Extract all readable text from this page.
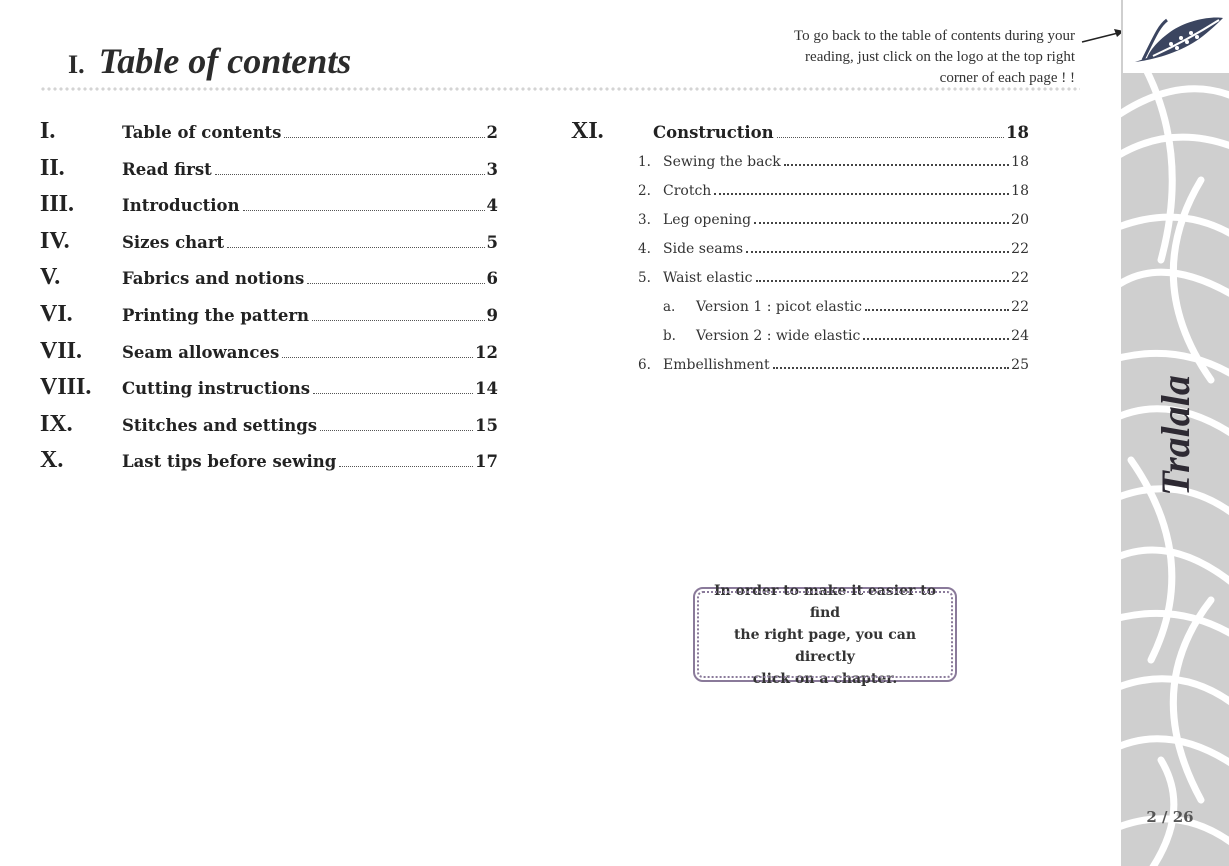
I. Table of contents
To go back to the table of contents during your
reading, just click on the logo at the top right
corner of each page ! !
I.	Table of contents	2
II.	Read first	3
III.	Introduction	4
IV.	Sizes chart	5
V.	Fabrics and notions	6
VI.	Printing the pattern	9
VII.	Seam allowances	12
VIII.	Cutting instructions	14
IX.	Stitches and settings	15
X.	Last tips before sewing	17
XI.	Construction	18
1. Sewing the back	18
2. Crotch	18
3. Leg opening	20
4. Side seams	22
5. Waist elastic	22
a.	Version 1 : picot elastic	22
b.	Version 2 : wide elastic	24
6. Embellishment	25
In order to make it easier to find
the right page, you can directly
click on a chapter.
Tralala
2 / 26
